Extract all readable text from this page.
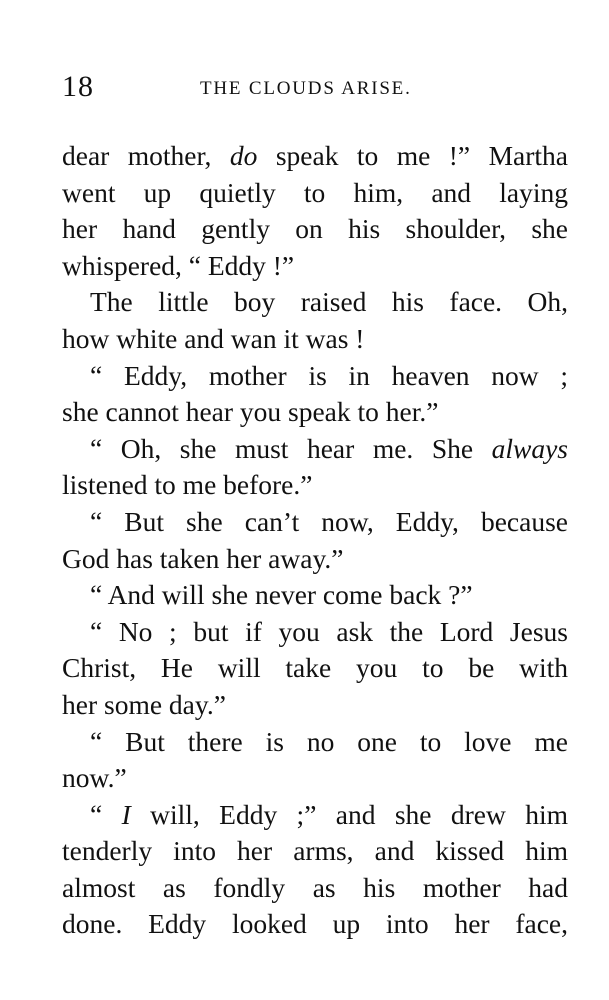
18	THE CLOUDS ARISE.
dear mother, do speak to me !” Martha
went up quietly to him, and laying
her hand gently on his shoulder, she
whispered, “ Eddy !”
The little boy raised his face. Oh,
how white and wan it was !
“ Eddy, mother is in heaven now ;
she cannot hear you speak to her.”
“ Oh, she must hear me. She always
listened to me before.”
“ But she can’t now, Eddy, because
God has taken her away.”
“ And will she never come back ?”
“ No ; but if you ask the Lord Jesus
Christ, He will take you to be with
her some day.”
“ But there is no one to love me
now.”
“ I will, Eddy ;” and she drew him
tenderly into her arms, and kissed him
almost as fondly as his mother had
done. Eddy looked up into her face,
